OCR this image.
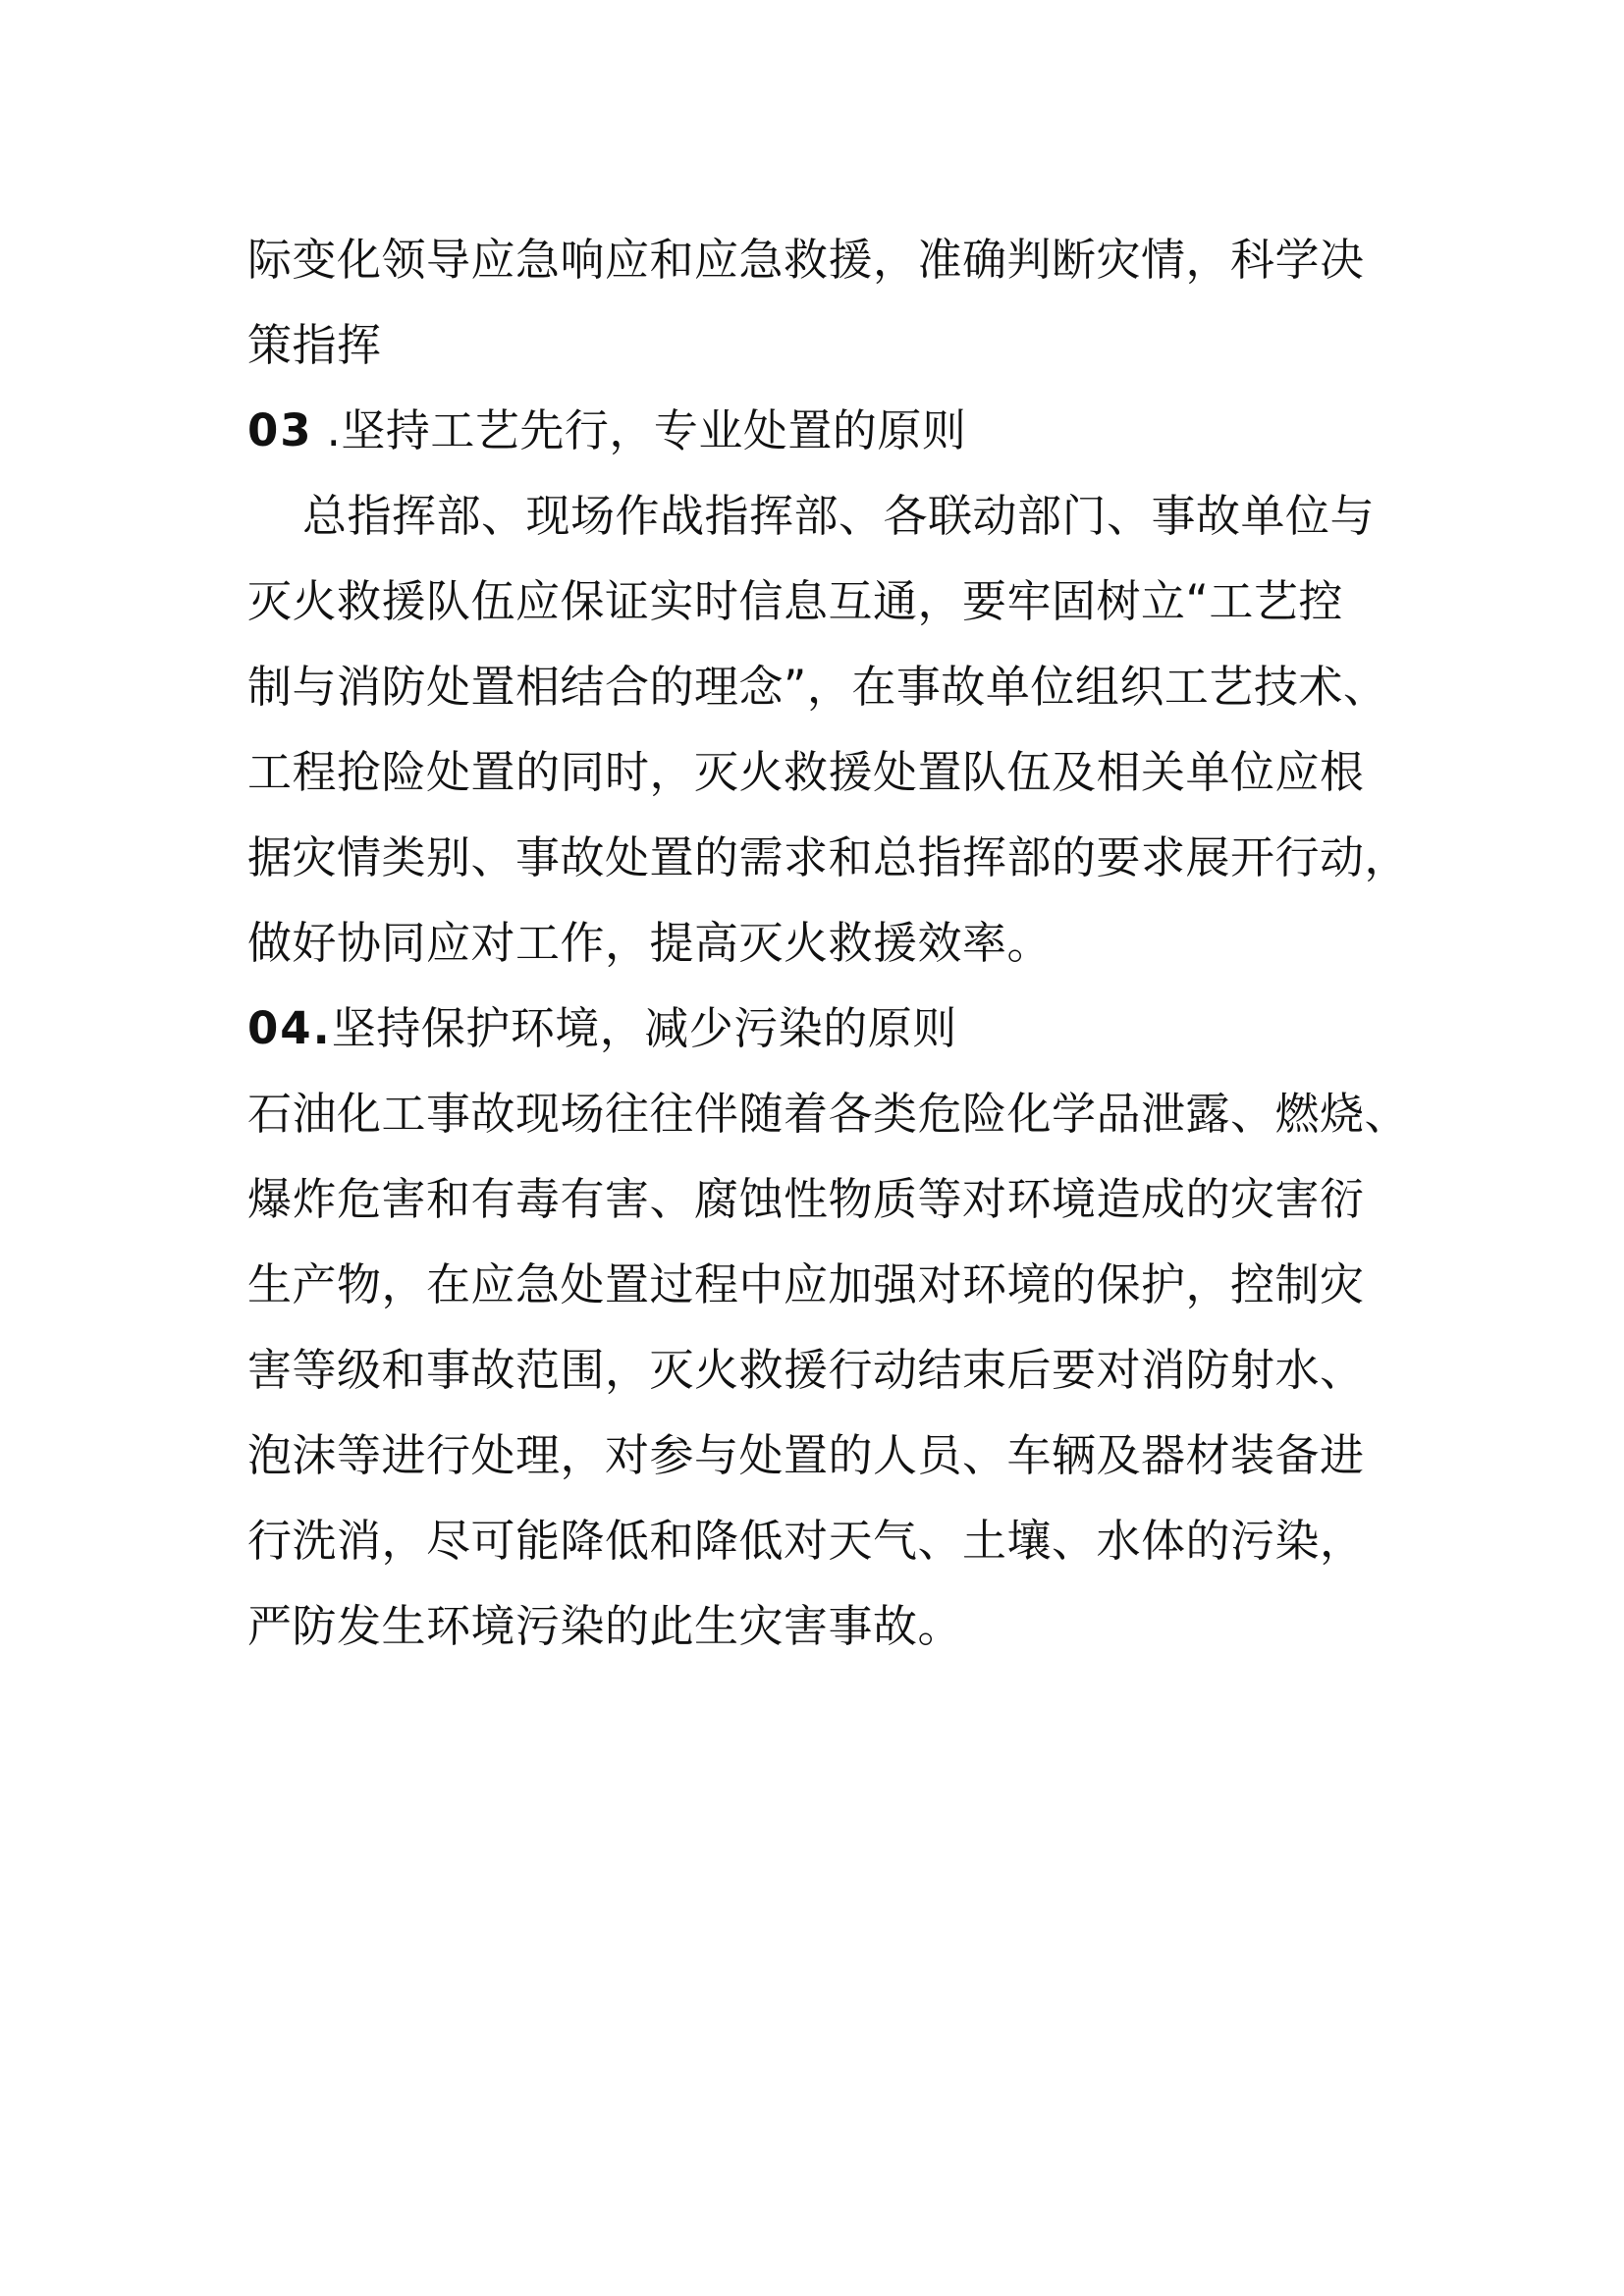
际变化领导应急响应和应急救援，准确判断灾情，科学决
策指挥
03 .坚持工艺先行，专业处置的原则
总指挥部、现场作战指挥部、各联动部门、事故单位与
灭火救援队伍应保证实时信息互通，要牢固树立“工艺控
制与消防处置相结合的理念”，在事故单位组织工艺技术、
工程抢险处置的同时，灭火救援处置队伍及相关单位应根
据灾情类别、事故处置的需求和总指挥部的要求展开行动，
做好协同应对工作，提高灭火救援效率。
04.坚持保护环境，减少污染的原则
石油化工事故现场往往伴随着各类危险化学品泄露、燃烧、
爆炸危害和有毒有害、腐蚀性物质等对环境造成的灾害衍
生产物，在应急处置过程中应加强对环境的保护，控制灾
害等级和事故范围，灭火救援行动结束后要对消防射水、
泡沫等进行处理，对参与处置的人员、车辆及器材装备进
行洗消，尽可能降低和降低对天气、土壤、水体的污染，
严防发生环境污染的此生灾害事故。
